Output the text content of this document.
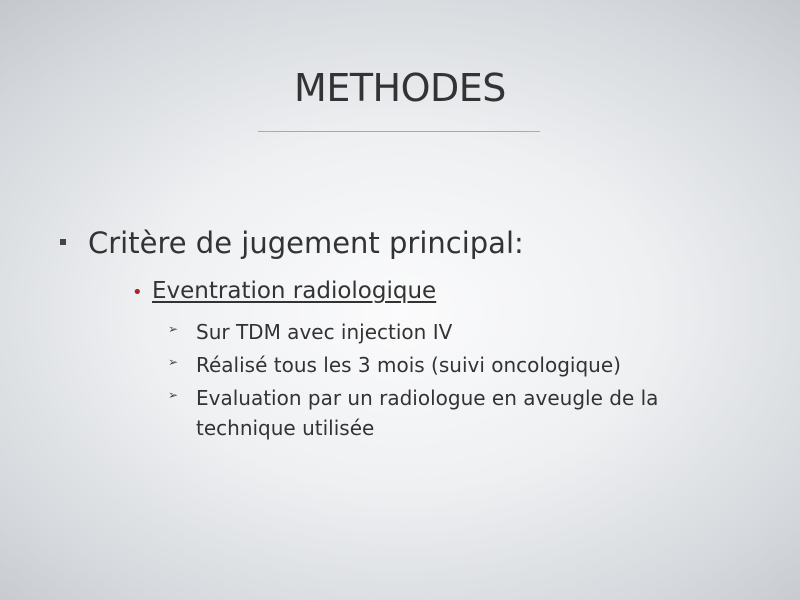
METHODES
Critère de jugement principal:
• Eventration radiologique
➢ Sur TDM avec injection IV
➢ Réalisé tous les 3 mois (suivi oncologique)
➢ Evaluation par un radiologue en aveugle de la technique utilisée
